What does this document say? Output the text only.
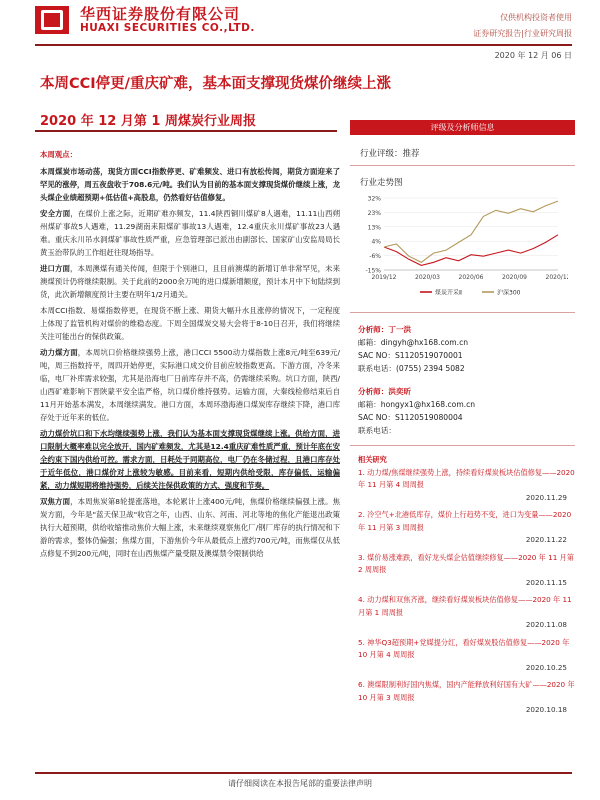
华西证券股份有限公司
HUAXI SECURITIES CO.,LTD.
仅供机构投资者使用
证券研究报告|行业研究周报
2020 年 12 月 06 日
本周CCI停更/重庆矿难，基本面支撑现货煤价继续上涨
2020 年 12 月第 1 周煤炭行业周报

本周观点：

本周煤炭市场动荡，现货方面CCI指数停更、矿难频发、进口有放松传闻，期货方面迎来了罕见的涨停，周五夜盘收于708.6元/吨。我们认为目前的基本面支撑现货煤价继续上涨，龙头煤企业绩超预期+低估值+高股息，仍然看好估值修复。

安全方面，在煤价上涨之际，近期矿难亦频发，11.4陕西铜川煤矿8人遇难，11.11山西朔州煤矿事故5人遇难，11.29湖南耒阳煤矿事故13人遇难，12.4重庆永川煤矿事故23人遇难。重庆永川吊水洞煤矿事故性质严重，应急管理部已派出由副部长、国家矿山安监局局长黄玉治带队的工作组赶往现场指导。

进口方面，本周澳煤有通关传闻，但限于个别港口，且目前澳煤的新增订单非常罕见，未来澳煤预计仍将继续限制。关于此前的2000余万吨的进口煤新增额度，预计本月中下旬陆续到货，此次新增额度预计主要在明年1/2月通关。

本周CCI指数、易煤指数停更，在现货不断上涨、期货大幅升水且涨停的情况下，一定程度上体现了监管机构对煤价的维稳态度。下周全国煤炭交易大会将于8-10日召开，我们将继续关注可能出台的保供政策。

动力煤方面，本周坑口价格继续强势上涨，港口CCI 5500动力煤指数上涨8元/吨至639元/吨，周三指数持平，周四开始停更，实际港口成交价目前应较指数更高。下游方面，冷冬来临，电厂补库需求较强，尤其是沿海电厂日前库存并不高，仍需继续采购。坑口方面，陕西/山西矿难影响下晋陕蒙平安全监严格，坑口煤价维持强势。运输方面，大秦线检修结束后自11月开始基本满发，本周继续满发。港口方面，本周环渤海港口煤炭库存继续下降，港口库存处于近年来的低位。

动力煤价坑口和下水均继续强势上涨，我们认为基本面支撑现货煤继续上涨。供给方面，进口限制大概率难以完全放开，国内矿难频发，尤其是12.4重庆矿难性质严重，预计年底在安全约束下国内供给可控。需求方面，日耗处于同期高位，电厂仍在冬储过程，且港口库存处于近年低位，港口煤价对上涨较为敏感。目前来看，短期内供给受限，库存偏低，运输偏紧，动力煤短期将维持强势，后续关注保供政策的方式、强度和节奏。

双焦方面，本周焦炭第8轮提涨落地，本轮累计上涨400元/吨，焦煤价格继续偏强上涨。焦炭方面，今年是"蓝天保卫战"收官之年，山西、山东、河南、河北等地的焦化产能退出政策执行大超预期，供给收缩推动焦价大幅上涨，未来继续观察焦化厂/钢厂库存的执行情况和下游的需求，整体仍偏强；焦煤方面，下游焦价今年从最低点上涨约700元/吨，而焦煤仅从低点修复不到200元/吨，同时在山西焦煤产量受限及澳煤禁令限制供给

评级及分析师信息
行业评级：推荐
行业走势图
32%
23%
13%
4%
-6%
-15%
2019/12	2020/03	2020/06	2020/09	2020/12
煤炭开采Ⅱ	沪深300
分析师：丁一洪
邮箱：dingyh@hx168.com.cn
SAC NO：S1120519070001
联系电话：(0755) 2394 5082
分析师：洪奕昕
邮箱：hongyx1@hx168.com.cn
SAC NO：S1120519080004
联系电话：
相关研究
1. 动力煤/焦煤继续强势上涨，持续看好煤炭板块估值修复——2020 年 11 月第 4 周周报
2020.11.29
2. 冷空气+北港低库存，煤价上行趋势不变，进口为变量——2020 年 11 月第 3 周周报
2020.11.22
3. 煤价易涨难跌，看好龙头煤企估值继续修复——2020 年 11 月第 2 周周报
2020.11.15
4. 动力煤和双焦齐涨，继续看好煤炭板块估值修复——2020 年 11 月第 1 周周报
2020.11.08
5. 神华Q3超预期+党媒提分红，看好煤炭股估值修复——2020 年 10 月第 4 周周报
2020.10.25
6. 澳煤限制利好国内焦煤，国内产能释放利好国有大矿——2020 年 10 月第 3 周周报
2020.10.18
请仔细阅读在本报告尾部的重要法律声明
